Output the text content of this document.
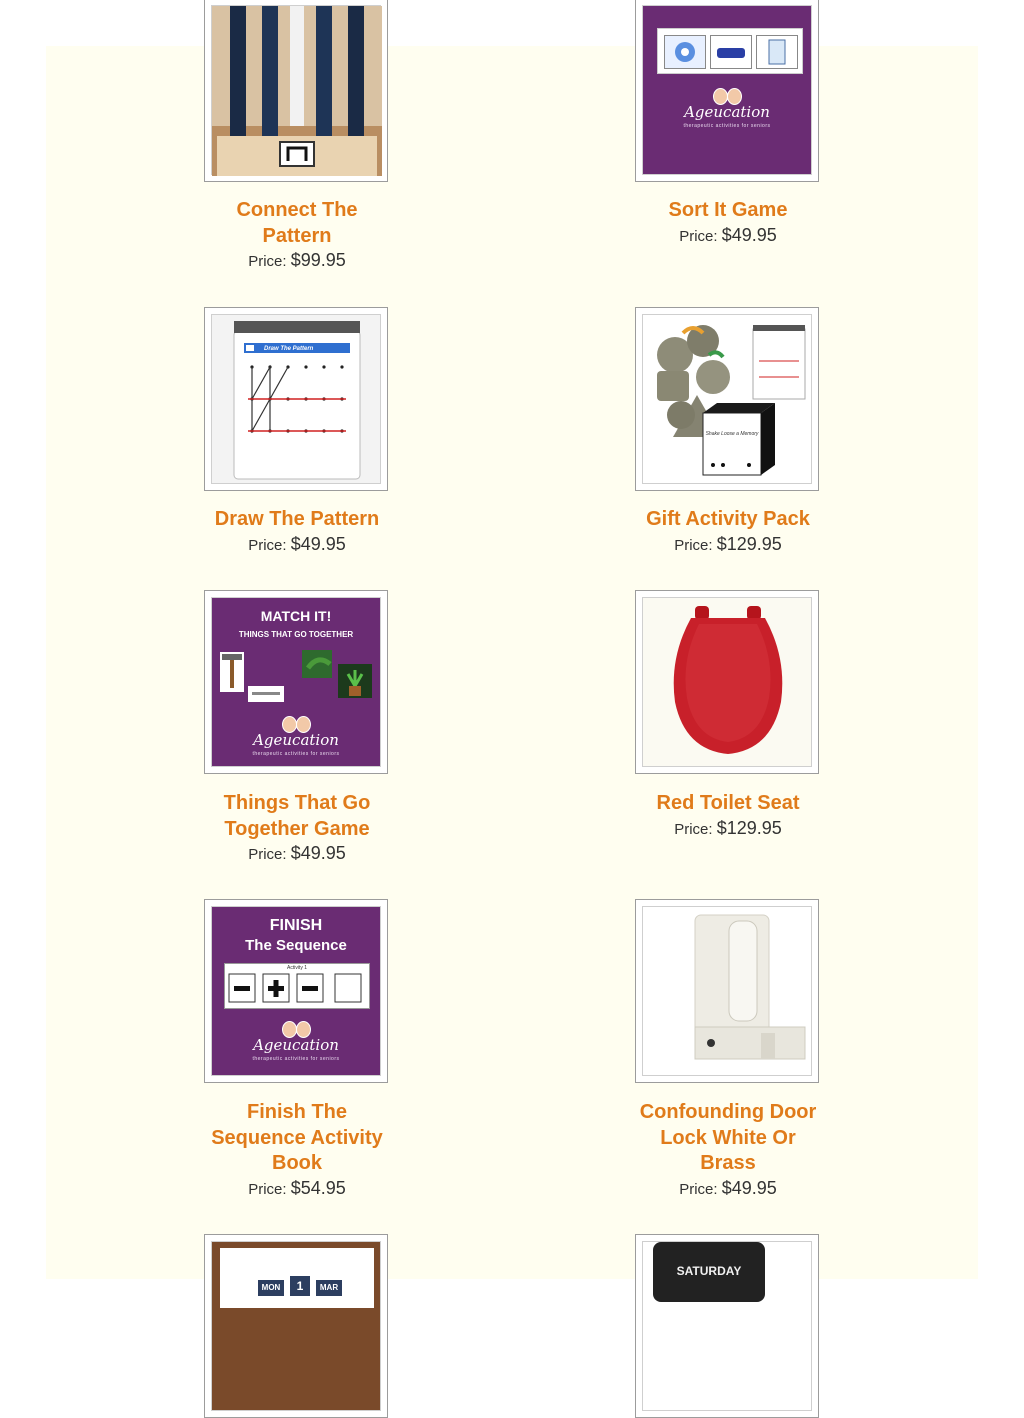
Connect The
Pattern
Price: $99.95
Ageucation
therapeutic activities for seniors
Sort It Game
Price: $49.95
Draw The Pattern
Draw The Pattern
Price: $49.95
Shake Loose a Memory
Gift Activity Pack
Price: $129.95
MATCH IT!
THINGS THAT GO TOGETHER
Ageucation
therapeutic activities for seniors
Things That Go
Together Game
Price: $49.95
Red Toilet Seat
Price: $129.95
FINISH
The Sequence
Activity 1
Ageucation
therapeutic activities for seniors
Finish The
Sequence Activity
Book
Price: $54.95
Confounding Door
Lock White Or
Brass
Price: $49.95
MON	1	MAR
SATURDAY
